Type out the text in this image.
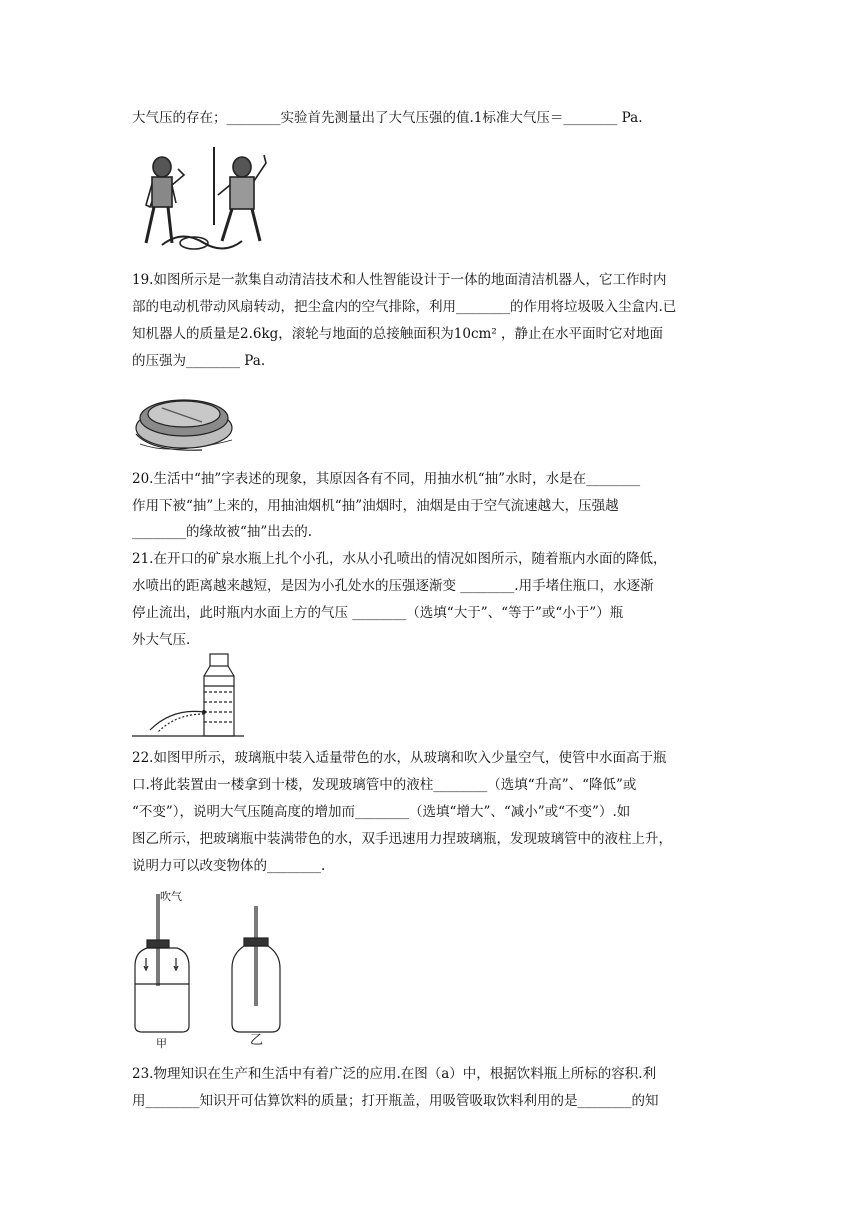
大气压的存在；________实验首先测量出了大气压强的值.1标准大气压＝________ Pa.
19.如图所示是一款集自动清洁技术和人性智能设计于一体的地面清洁机器人，它工作时内
部的电动机带动风扇转动，把尘盒内的空气排除，利用________的作用将垃圾吸入尘盒内.已
知机器人的质量是2.6kg，滚轮与地面的总接触面积为10cm² ，静止在水平面时它对地面
的压强为________ Pa.
20.生活中“抽”字表述的现象，其原因各有不同，用抽水机“抽”水时，水是在________
作用下被“抽”上来的，用抽油烟机“抽”油烟时，油烟是由于空气流速越大，压强越
________的缘故被“抽”出去的.
21.在开口的矿泉水瓶上扎个小孔，水从小孔喷出的情况如图所示，随着瓶内水面的降低，
水喷出的距离越来越短，是因为小孔处水的压强逐渐变 ________.用手堵住瓶口，水逐渐
停止流出，此时瓶内水面上方的气压 ________（选填“大于”、“等于”或“小于”）瓶
外大气压.
22.如图甲所示，玻璃瓶中装入适量带色的水，从玻璃和吹入少量空气，使管中水面高于瓶
口.将此装置由一楼拿到十楼，发现玻璃管中的液柱________（选填“升高”、“降低”或
“不变”），说明大气压随高度的增加而________（选填“增大”、“减小”或“不变”）.如
图乙所示，把玻璃瓶中装满带色的水，双手迅速用力捏玻璃瓶，发现玻璃管中的液柱上升，
说明力可以改变物体的________.
23.物理知识在生产和生活中有着广泛的应用.在图（a）中，根据饮料瓶上所标的容积.利
用________知识开可估算饮料的质量；打开瓶盖，用吸管吸取饮料利用的是________的知
吹气
甲	乙
